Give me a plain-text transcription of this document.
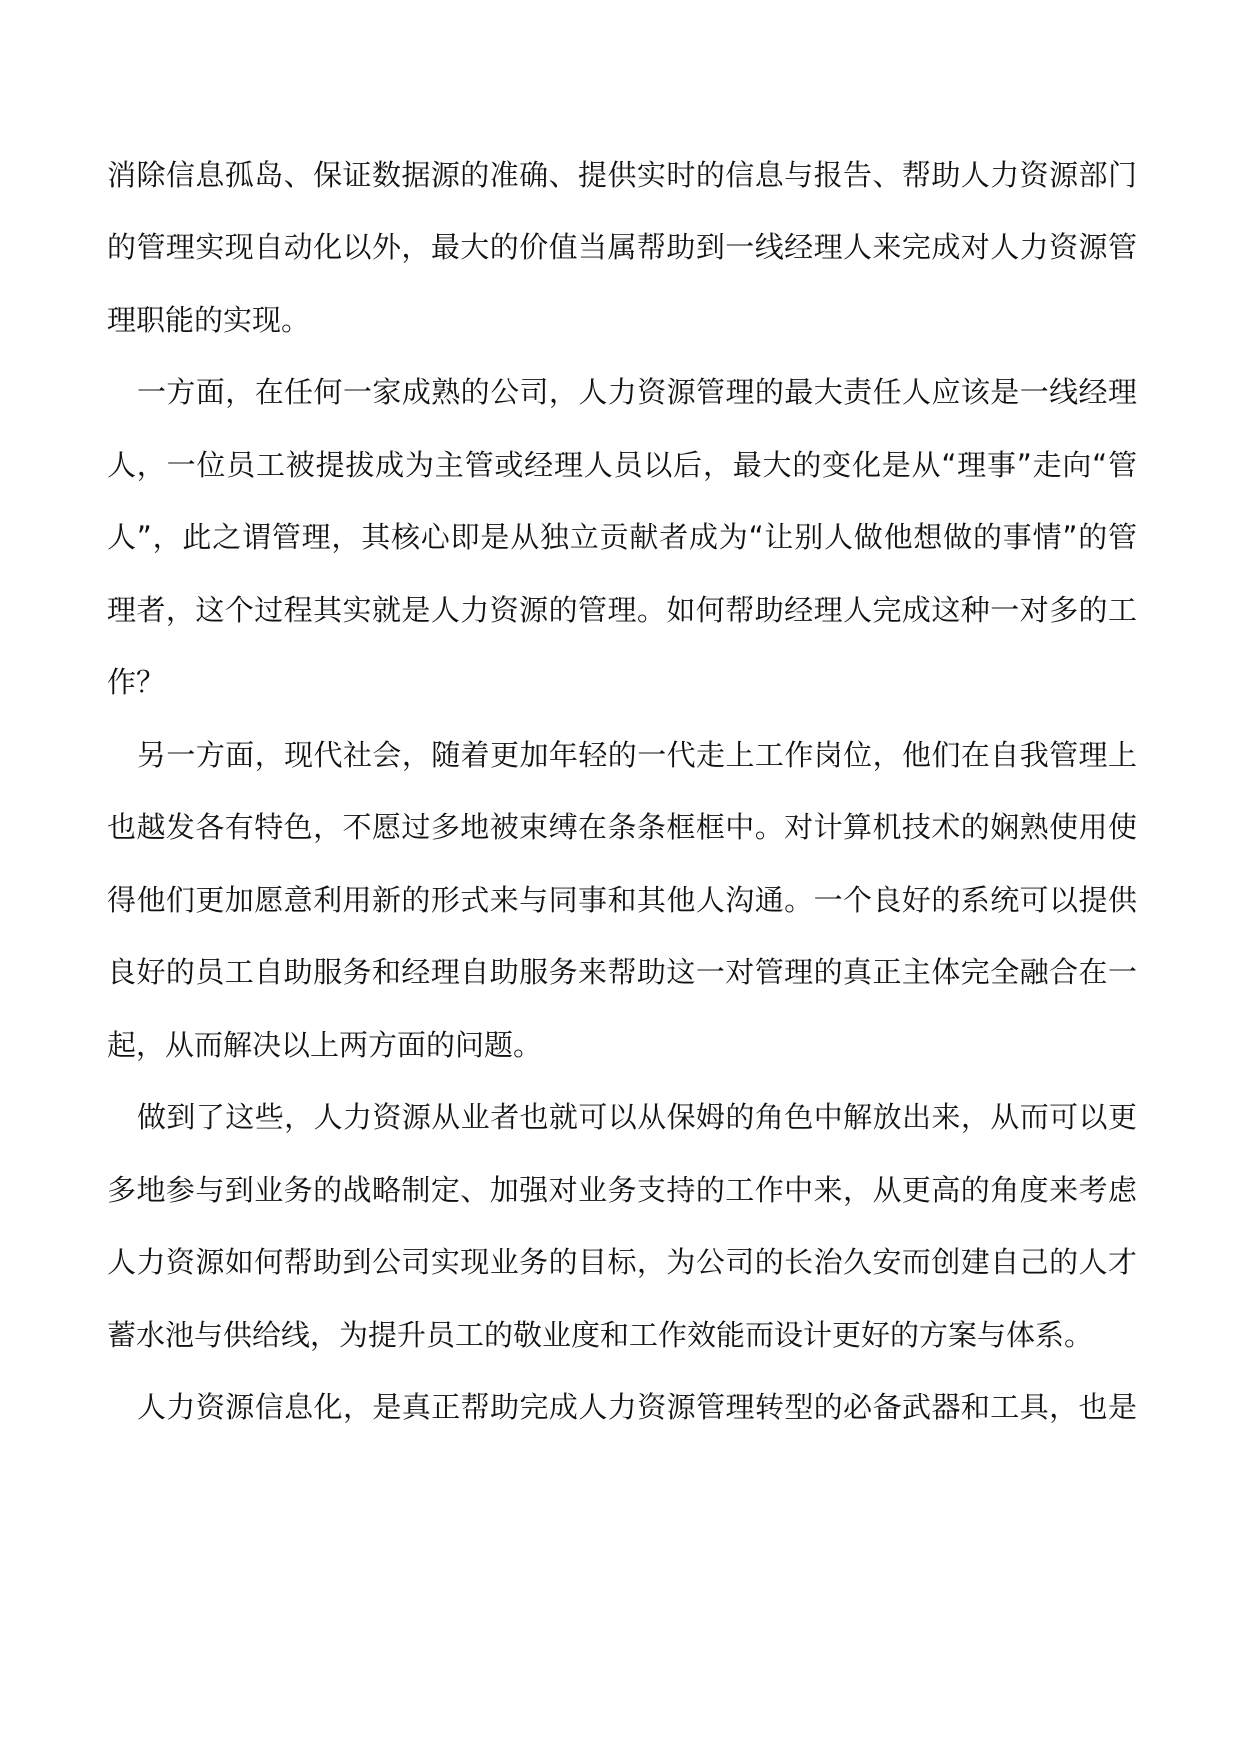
消除信息孤岛、保证数据源的准确、提供实时的信息与报告、帮助人力资源部门
的管理实现自动化以外，最大的价值当属帮助到一线经理人来完成对人力资源管
理职能的实现。
一方面，在任何一家成熟的公司，人力资源管理的最大责任人应该是一线经理
人，一位员工被提拔成为主管或经理人员以后，最大的变化是从“理事”走向“管
人”，此之谓管理，其核心即是从独立贡献者成为“让别人做他想做的事情”的管
理者，这个过程其实就是人力资源的管理。如何帮助经理人完成这种一对多的工
作？
另一方面，现代社会，随着更加年轻的一代走上工作岗位，他们在自我管理上
也越发各有特色，不愿过多地被束缚在条条框框中。对计算机技术的娴熟使用使
得他们更加愿意利用新的形式来与同事和其他人沟通。一个良好的系统可以提供
良好的员工自助服务和经理自助服务来帮助这一对管理的真正主体完全融合在一
起，从而解决以上两方面的问题。
做到了这些，人力资源从业者也就可以从保姆的角色中解放出来，从而可以更
多地参与到业务的战略制定、加强对业务支持的工作中来，从更高的角度来考虑
人力资源如何帮助到公司实现业务的目标，为公司的长治久安而创建自己的人才
蓄水池与供给线，为提升员工的敬业度和工作效能而设计更好的方案与体系。
人力资源信息化，是真正帮助完成人力资源管理转型的必备武器和工具，也是
